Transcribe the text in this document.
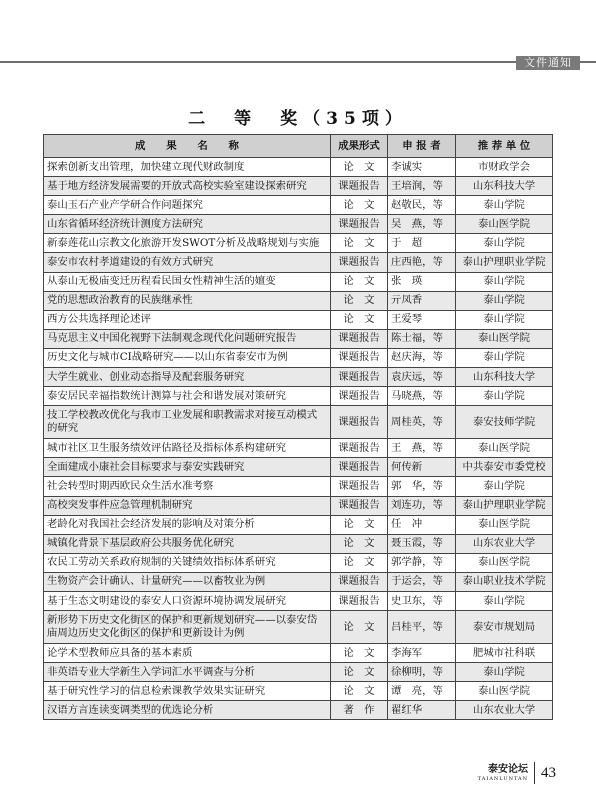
文件通知
二　等　奖（35项）
成　　果　　名　　称	成果形式	申 报 者	推 荐 单 位
探索创新支出管理，加快建立现代财政制度	论　文	李诚实	市财政学会
基于地方经济发展需要的开放式高校实验室建设探索研究	课题报告	王培润，等	山东科技大学
泰山玉石产业产学研合作问题探究	论　文	赵敬民，等	泰山学院
山东省循环经济统计测度方法研究	课题报告	吴　燕，等	泰山医学院
新泰莲花山宗教文化旅游开发SWOT分析及战略规划与实施	论　文	于　超	泰山学院
泰安市农村孝道建设的有效方式研究	课题报告	庄西艳，等	泰山护理职业学院
从泰山无极庙变迁历程看民国女性精神生活的嬗变	论　文	张　瑛	泰山学院
党的思想政治教育的民族继承性	论　文	亓凤香	泰山学院
西方公共选择理论述评	论　文	王爱琴	泰山学院
马克思主义中国化视野下法制观念现代化问题研究报告	课题报告	陈士福，等	泰山医学院
历史文化与城市CI战略研究——以山东省泰安市为例	课题报告	赵庆海，等	泰山学院
大学生就业、创业动态指导及配套服务研究	课题报告	袁庆远，等	山东科技大学
泰安居民幸福指数统计测算与社会和谐发展对策研究	课题报告	马晓燕，等	泰山学院
技工学校教改优化与我市工业发展和职教需求对接互动模式的研究	课题报告	周桂英，等	泰安技师学院
城市社区卫生服务绩效评估路径及指标体系构建研究	课题报告	王　燕，等	泰山医学院
全面建成小康社会目标要求与泰安实践研究	课题报告	何传新	中共泰安市委党校
社会转型时期西欧民众生活水准考察	课题报告	郭　华，等	泰山学院
高校突发事件应急管理机制研究	课题报告	刘连功，等	泰山护理职业学院
老龄化对我国社会经济发展的影响及对策分析	论　文	任　冲	泰山医学院
城镇化背景下基层政府公共服务优化研究	论　文	聂玉霞，等	山东农业大学
农民工劳动关系政府规制的关键绩效指标体系研究	论　文	郭学静，等	泰山医学院
生物资产会计确认、计量研究——以畜牧业为例	课题报告	于运会，等	泰山职业技术学院
基于生态文明建设的泰安人口资源环境协调发展研究	课题报告	史卫东，等	泰山学院
新形势下历史文化街区的保护和更新规划研究——以泰安岱庙周边历史文化街区的保护和更新设计为例	论　文	吕桂平，等	泰安市规划局
论学术型教师应具备的基本素质	论　文	李海军	肥城市社科联
非英语专业大学新生入学词汇水平调查与分析	论　文	徐柳明，等	泰山学院
基于研究性学习的信息检索课教学效果实证研究	论　文	谭　亮，等	泰山医学院
汉语方言连读变调类型的优选论分析	著　作	翟红华	山东农业大学
泰安论坛
TAIANLUNTAN 43
